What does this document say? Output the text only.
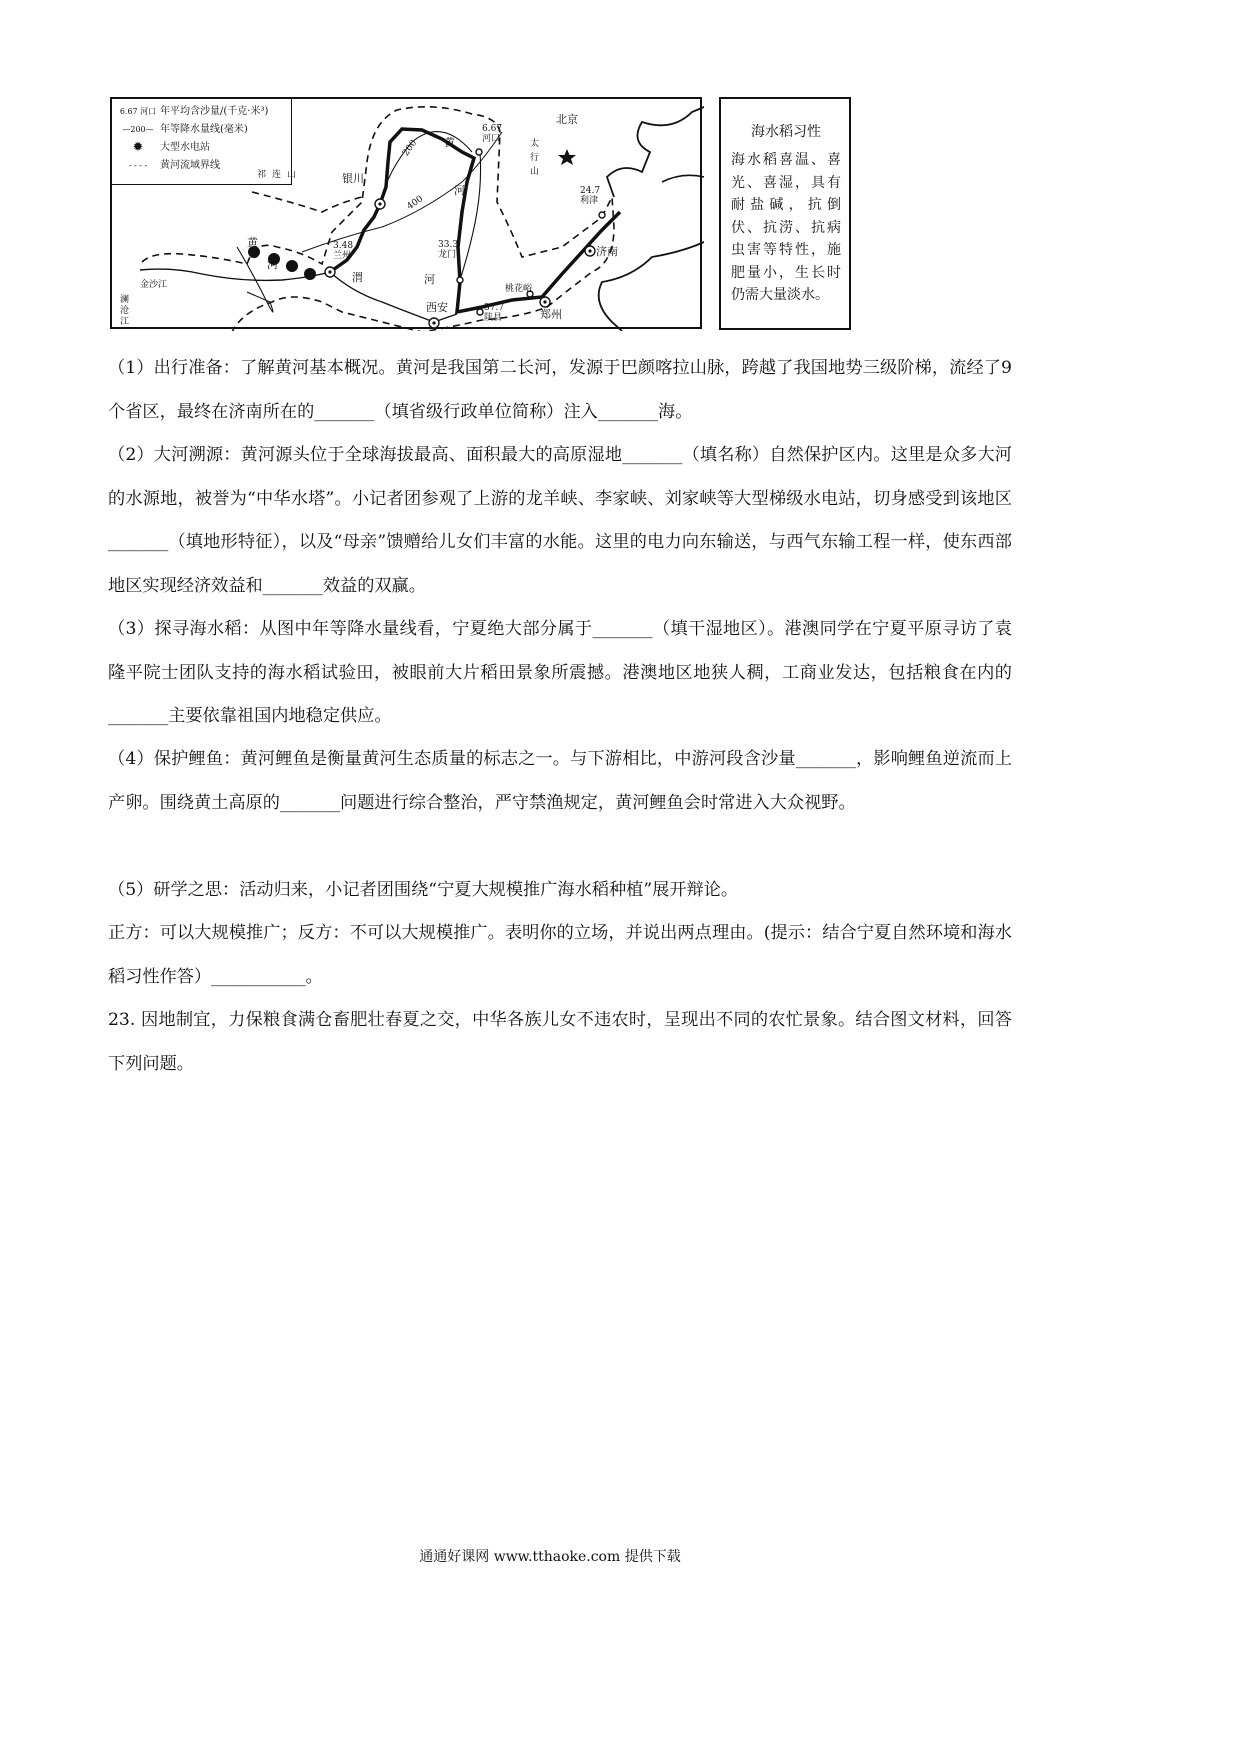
6.67 河口 年平均含沙量/(千克·米³)
—200— 年等降水量线(毫米)
✹	大型水电站
- - - -	黄河流域界线
北京
银川
3.48
兰州
6.67
河口
33.3
龙门
37.7
陕县
24.7
利津
济南
郑州
西安
桃花峪
200
400
黄
河
黄
河
渭	河
祁连山
太行山
金沙江
澜沧江
海水稻习性
海水稻喜温、喜光、喜湿，具有耐盐碱，抗倒伏、抗涝、抗病虫害等特性，施肥量小，生长时仍需大量淡水。
（1）出行准备：了解黄河基本概况。黄河是我国第二长河，发源于巴颜喀拉山脉，跨越了我国地势三级阶梯，流经了9个省区，最终在济南所在的_______（填省级行政单位简称）注入_______海。
（2）大河溯源：黄河源头位于全球海拔最高、面积最大的高原湿地_______（填名称）自然保护区内。这里是众多大河的水源地，被誉为“中华水塔”。小记者团参观了上游的龙羊峡、李家峡、刘家峡等大型梯级水电站，切身感受到该地区_______（填地形特征），以及“母亲”馈赠给儿女们丰富的水能。这里的电力向东输送，与西气东输工程一样，使东西部地区实现经济效益和_______效益的双赢。
（3）探寻海水稻：从图中年等降水量线看，宁夏绝大部分属于_______（填干湿地区）。港澳同学在宁夏平原寻访了袁隆平院士团队支持的海水稻试验田，被眼前大片稻田景象所震撼。港澳地区地狭人稠，工商业发达，包括粮食在内的_______主要依靠祖国内地稳定供应。
（4）保护鲤鱼：黄河鲤鱼是衡量黄河生态质量的标志之一。与下游相比，中游河段含沙量_______，影响鲤鱼逆流而上产卵。围绕黄土高原的_______问题进行综合整治，严守禁渔规定，黄河鲤鱼会时常进入大众视野。
（5）研学之思：活动归来，小记者团围绕“宁夏大规模推广海水稻种植”展开辩论。
正方：可以大规模推广；反方：不可以大规模推广。表明你的立场，并说出两点理由。(提示：结合宁夏自然环境和海水稻习性作答）___________。
23. 因地制宜，力保粮食满仓畜肥壮春夏之交，中华各族儿女不违农时，呈现出不同的农忙景象。结合图文材料，回答下列问题。
通通好课网 www.tthaoke.com 提供下载
